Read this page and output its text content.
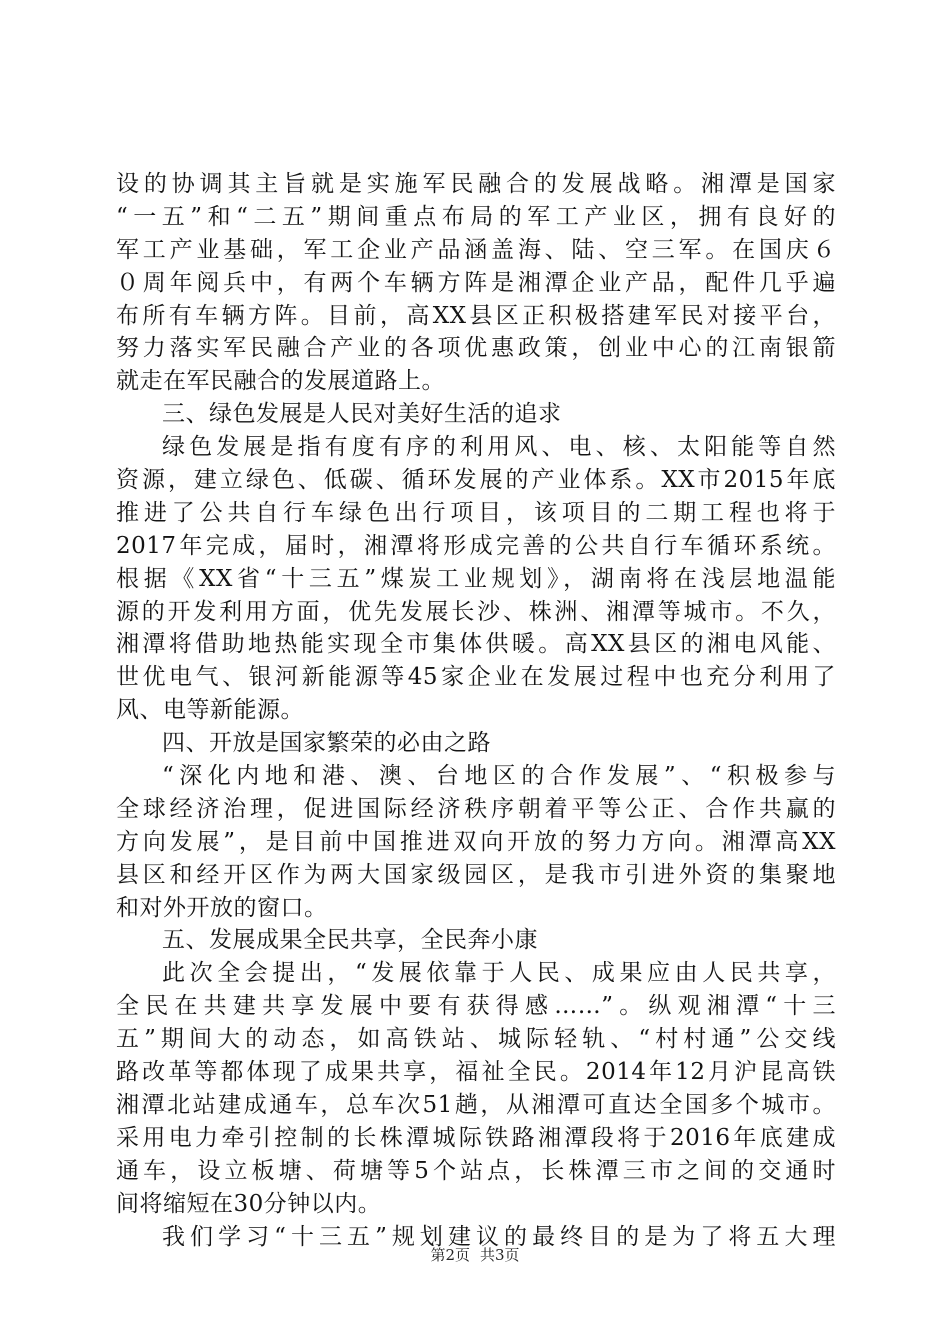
设的协调其主旨就是实施军民融合的发展战略。湘潭是国家
“一五”和“二五”期间重点布局的军工产业区，拥有良好的
军工产业基础，军工企业产品涵盖海、陆、空三军。在国庆６
０周年阅兵中，有两个车辆方阵是湘潭企业产品，配件几乎遍
布所有车辆方阵。目前，高XX县区正积极搭建军民对接平台，
努力落实军民融合产业的各项优惠政策，创业中心的江南银箭
就走在军民融合的发展道路上。
三、绿色发展是人民对美好生活的追求
绿色发展是指有度有序的利用风、电、核、太阳能等自然
资源，建立绿色、低碳、循环发展的产业体系。XX市2015年底
推进了公共自行车绿色出行项目，该项目的二期工程也将于
2017年完成，届时，湘潭将形成完善的公共自行车循环系统。
根据《XX省“十三五”煤炭工业规划》，湖南将在浅层地温能
源的开发利用方面，优先发展长沙、株洲、湘潭等城市。不久，
湘潭将借助地热能实现全市集体供暖。高XX县区的湘电风能、
世优电气、银河新能源等45家企业在发展过程中也充分利用了
风、电等新能源。
四、开放是国家繁荣的必由之路
“深化内地和港、澳、台地区的合作发展”、“积极参与
全球经济治理，促进国际经济秩序朝着平等公正、合作共赢的
方向发展”，是目前中国推进双向开放的努力方向。湘潭高XX
县区和经开区作为两大国家级园区，是我市引进外资的集聚地
和对外开放的窗口。
五、发展成果全民共享，全民奔小康
此次全会提出，“发展依靠于人民、成果应由人民共享，
全民在共建共享发展中要有获得感……”。纵观湘潭“十三
五”期间大的动态，如高铁站、城际轻轨、“村村通”公交线
路改革等都体现了成果共享，福祉全民。2014年12月沪昆高铁
湘潭北站建成通车，总车次51趟，从湘潭可直达全国多个城市。
采用电力牵引控制的长株潭城际铁路湘潭段将于2016年底建成
通车，设立板塘、荷塘等5个站点，长株潭三市之间的交通时
间将缩短在30分钟以内。
我们学习“十三五”规划建议的最终目的是为了将五大理
第2页 共3页
